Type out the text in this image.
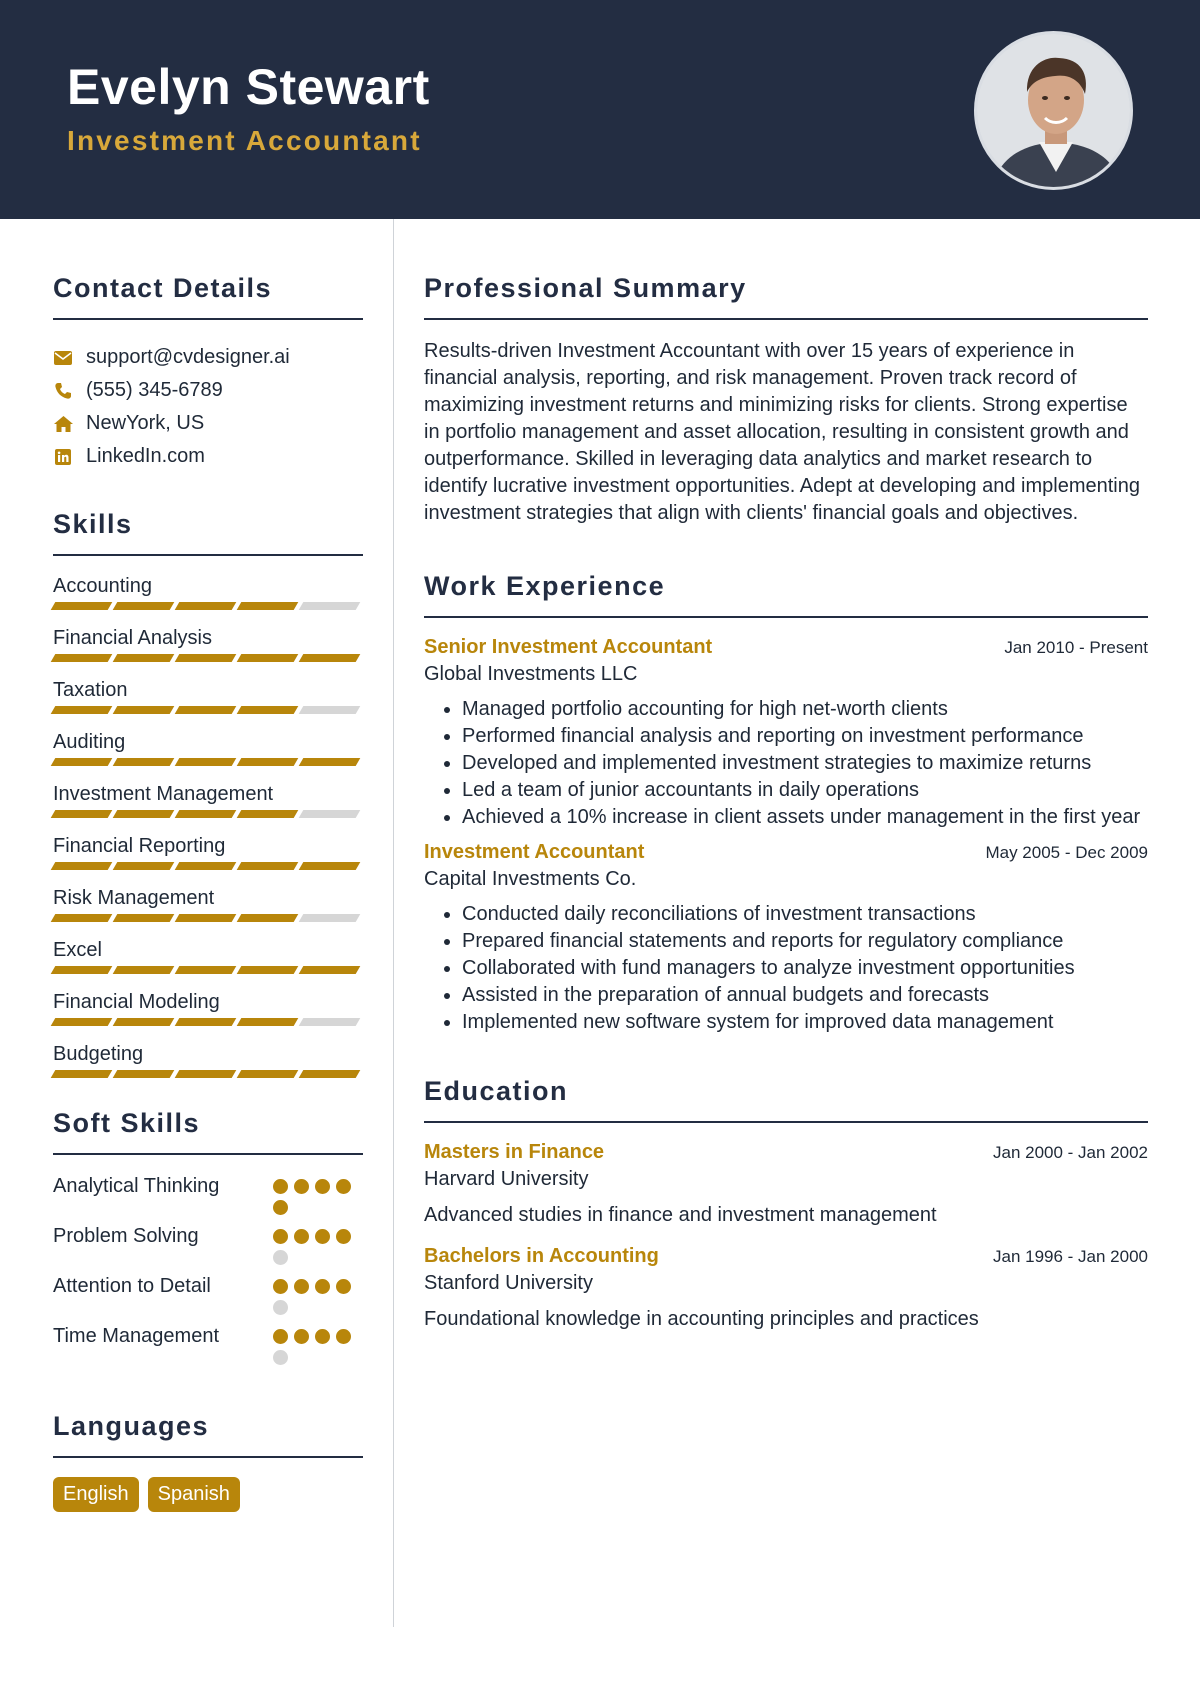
Evelyn Stewart
Investment Accountant
Contact Details
support@cvdesigner.ai
(555) 345-6789
NewYork, US
LinkedIn.com
Skills
Accounting
Financial Analysis
Taxation
Auditing
Investment Management
Financial Reporting
Risk Management
Excel
Financial Modeling
Budgeting
Soft Skills
Analytical Thinking
Problem Solving
Attention to Detail
Time Management
Languages
English	Spanish
Professional Summary
Results-driven Investment Accountant with over 15 years of experience in financial analysis, reporting, and risk management. Proven track record of maximizing investment returns and minimizing risks for clients. Strong expertise in portfolio management and asset allocation, resulting in consistent growth and outperformance. Skilled in leveraging data analytics and market research to identify lucrative investment opportunities. Adept at developing and implementing investment strategies that align with clients' financial goals and objectives.
Work Experience
Senior Investment Accountant	Jan 2010 - Present
Global Investments LLC
• Managed portfolio accounting for high net-worth clients
• Performed financial analysis and reporting on investment performance
• Developed and implemented investment strategies to maximize returns
• Led a team of junior accountants in daily operations
• Achieved a 10% increase in client assets under management in the first year
Investment Accountant	May 2005 - Dec 2009
Capital Investments Co.
• Conducted daily reconciliations of investment transactions
• Prepared financial statements and reports for regulatory compliance
• Collaborated with fund managers to analyze investment opportunities
• Assisted in the preparation of annual budgets and forecasts
• Implemented new software system for improved data management
Education
Masters in Finance	Jan 2000 - Jan 2002
Harvard University
Advanced studies in finance and investment management
Bachelors in Accounting	Jan 1996 - Jan 2000
Stanford University
Foundational knowledge in accounting principles and practices
